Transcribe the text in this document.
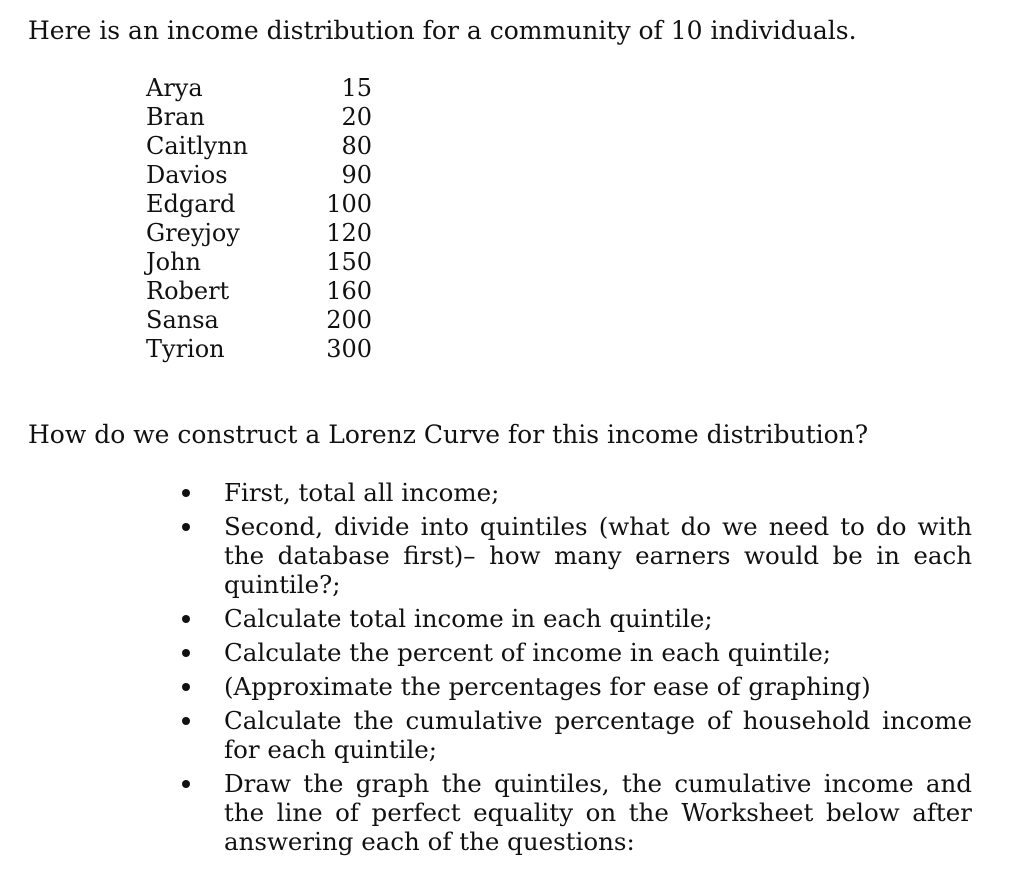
Here is an income distribution for a community of 10 individuals.

Arya	15
Bran	20
Caitlynn	80
Davios	90
Edgard	100
Greyjoy	120
John	150
Robert	160
Sansa	200
Tyrion	300

How do we construct a Lorenz Curve for this income distribution?

First, total all income;
Second, divide into quintiles (what do we need to do with the database first)– how many earners would be in each quintile?;
Calculate total income in each quintile;
Calculate the percent of income in each quintile;
(Approximate the percentages for ease of graphing)
Calculate the cumulative percentage of household income for each quintile;
Draw the graph the quintiles, the cumulative income and the line of perfect equality on the Worksheet below after answering each of the questions:
